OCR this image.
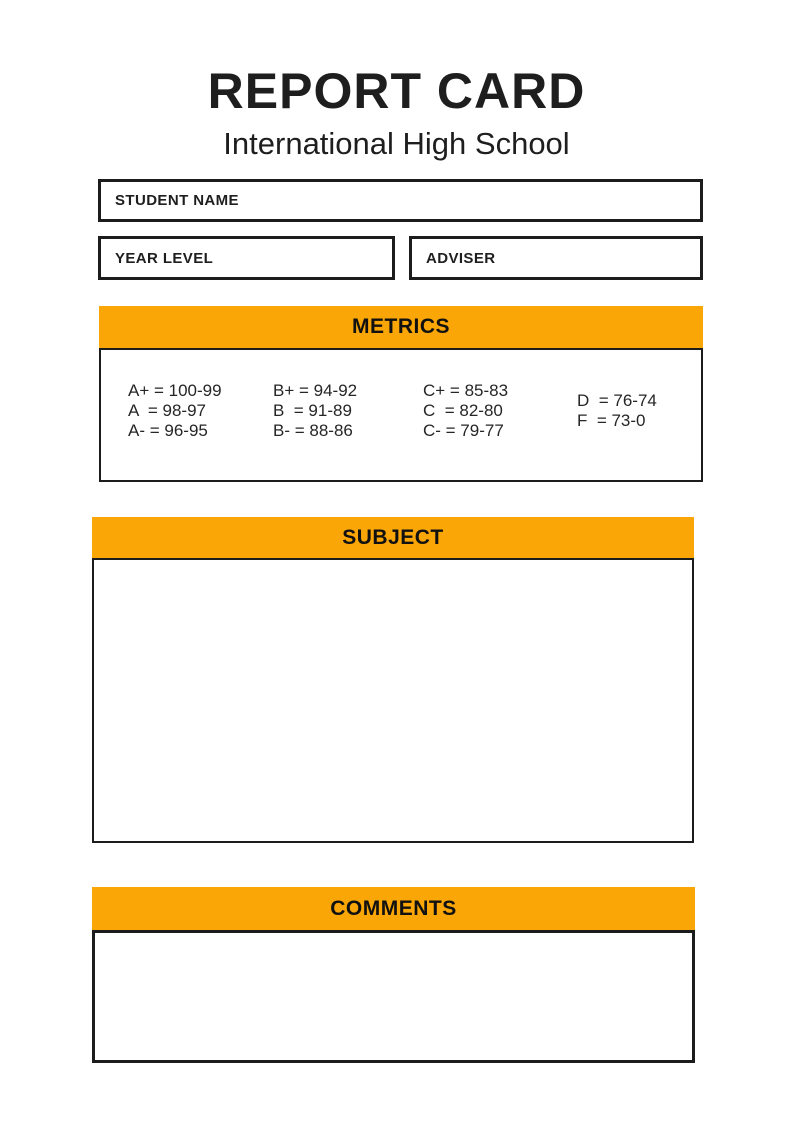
REPORT CARD
International High School
STUDENT NAME
YEAR LEVEL	ADVISER
METRICS
A+ = 100-99
A  = 98-97
A- = 96-95
B+ = 94-92
B  = 91-89
B- = 88-86
C+ = 85-83
C  = 82-80
C- = 79-77
D  = 76-74
F  = 73-0
SUBJECT
COMMENTS
